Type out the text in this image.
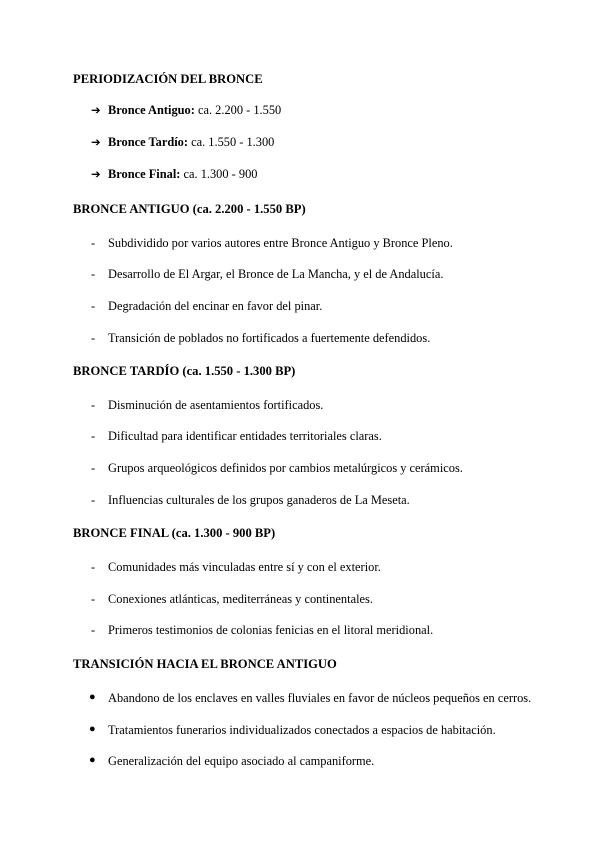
PERIODIZACIÓN DEL BRONCE
➔ Bronce Antiguo: ca. 2.200 - 1.550
➔ Bronce Tardío: ca. 1.550 - 1.300
➔ Bronce Final: ca. 1.300 - 900
BRONCE ANTIGUO (ca. 2.200 - 1.550 BP)
- Subdividido por varios autores entre Bronce Antiguo y Bronce Pleno.
- Desarrollo de El Argar, el Bronce de La Mancha, y el de Andalucía.
- Degradación del encinar en favor del pinar.
- Transición de poblados no fortificados a fuertemente defendidos.
BRONCE TARDÍO (ca. 1.550 - 1.300 BP)
- Disminución de asentamientos fortificados.
- Dificultad para identificar entidades territoriales claras.
- Grupos arqueológicos definidos por cambios metalúrgicos y cerámicos.
- Influencias culturales de los grupos ganaderos de La Meseta.
BRONCE FINAL (ca. 1.300 - 900 BP)
- Comunidades más vinculadas entre sí y con el exterior.
- Conexiones atlánticas, mediterráneas y continentales.
- Primeros testimonios de colonias fenicias en el litoral meridional.
TRANSICIÓN HACIA EL BRONCE ANTIGUO
● Abandono de los enclaves en valles fluviales en favor de núcleos pequeños en cerros.
● Tratamientos funerarios individualizados conectados a espacios de habitación.
● Generalización del equipo asociado al campaniforme.
